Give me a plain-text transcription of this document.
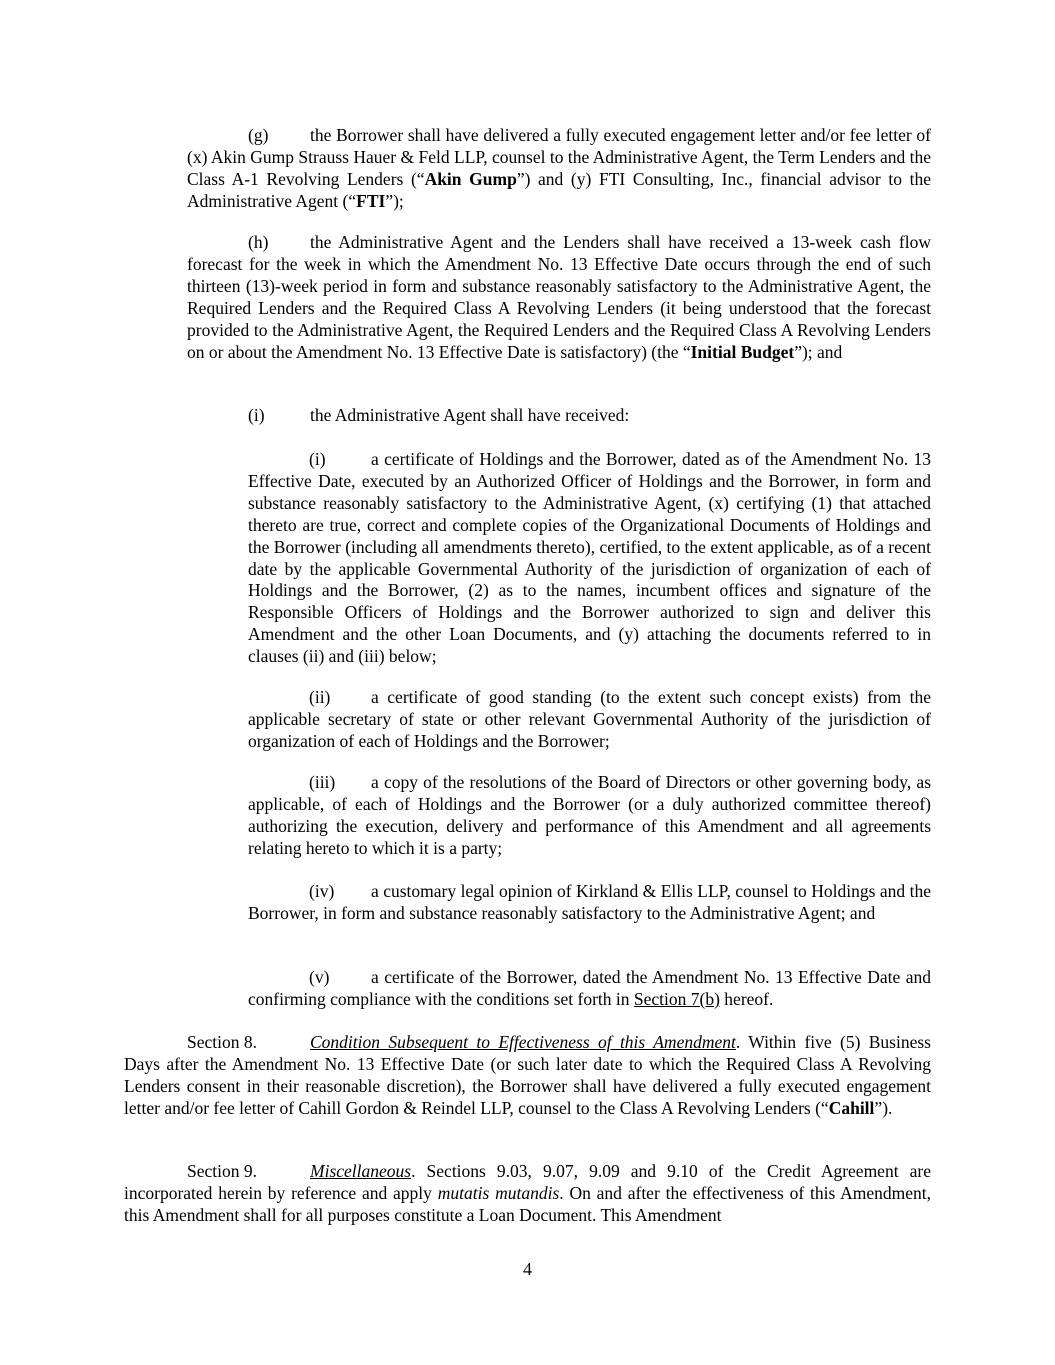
(g) the Borrower shall have delivered a fully executed engagement letter and/or fee letter of (x) Akin Gump Strauss Hauer & Feld LLP, counsel to the Administrative Agent, the Term Lenders and the Class A-1 Revolving Lenders (“Akin Gump”) and (y) FTI Consulting, Inc., financial advisor to the Administrative Agent (“FTI”);

(h) the Administrative Agent and the Lenders shall have received a 13-week cash flow forecast for the week in which the Amendment No. 13 Effective Date occurs through the end of such thirteen (13)-week period in form and substance reasonably satisfactory to the Administrative Agent, the Required Lenders and the Required Class A Revolving Lenders (it being understood that the forecast provided to the Administrative Agent, the Required Lenders and the Required Class A Revolving Lenders on or about the Amendment No. 13 Effective Date is satisfactory) (the “Initial Budget”); and

(i)	the Administrative Agent shall have received:

(i)	a certificate of Holdings and the Borrower, dated as of the Amendment No. 13 Effective Date, executed by an Authorized Officer of Holdings and the Borrower, in form and substance reasonably satisfactory to the Administrative Agent, (x) certifying (1) that attached thereto are true, correct and complete copies of the Organizational Documents of Holdings and the Borrower (including all amendments thereto), certified, to the extent applicable, as of a recent date by the applicable Governmental Authority of the jurisdiction of organization of each of Holdings and the Borrower, (2) as to the names, incumbent offices and signature of the Responsible Officers of Holdings and the Borrower authorized to sign and deliver this Amendment and the other Loan Documents, and (y) attaching the documents referred to in clauses (ii) and (iii) below;

(ii) a certificate of good standing (to the extent such concept exists) from the applicable secretary of state or other relevant Governmental Authority of the jurisdiction of organization of each of Holdings and the Borrower;

(iii) a copy of the resolutions of the Board of Directors or other governing body, as applicable, of each of Holdings and the Borrower (or a duly authorized committee thereof) authorizing the execution, delivery and performance of this Amendment and all agreements relating hereto to which it is a party;

(iv) a customary legal opinion of Kirkland & Ellis LLP, counsel to Holdings and the Borrower, in form and substance reasonably satisfactory to the Administrative Agent; and

(v) a certificate of the Borrower, dated the Amendment No. 13 Effective Date and confirming compliance with the conditions set forth in Section 7(b) hereof.

Section 8.	Condition Subsequent to Effectiveness of this Amendment. Within five (5) Business Days after the Amendment No. 13 Effective Date (or such later date to which the Required Class A Revolving Lenders consent in their reasonable discretion), the Borrower shall have delivered a fully executed engagement letter and/or fee letter of Cahill Gordon & Reindel LLP, counsel to the Class A Revolving Lenders (“Cahill”).

Section 9.	Miscellaneous. Sections 9.03, 9.07, 9.09 and 9.10 of the Credit Agreement are incorporated herein by reference and apply mutatis mutandis. On and after the effectiveness of this Amendment, this Amendment shall for all purposes constitute a Loan Document. This Amendment

4
